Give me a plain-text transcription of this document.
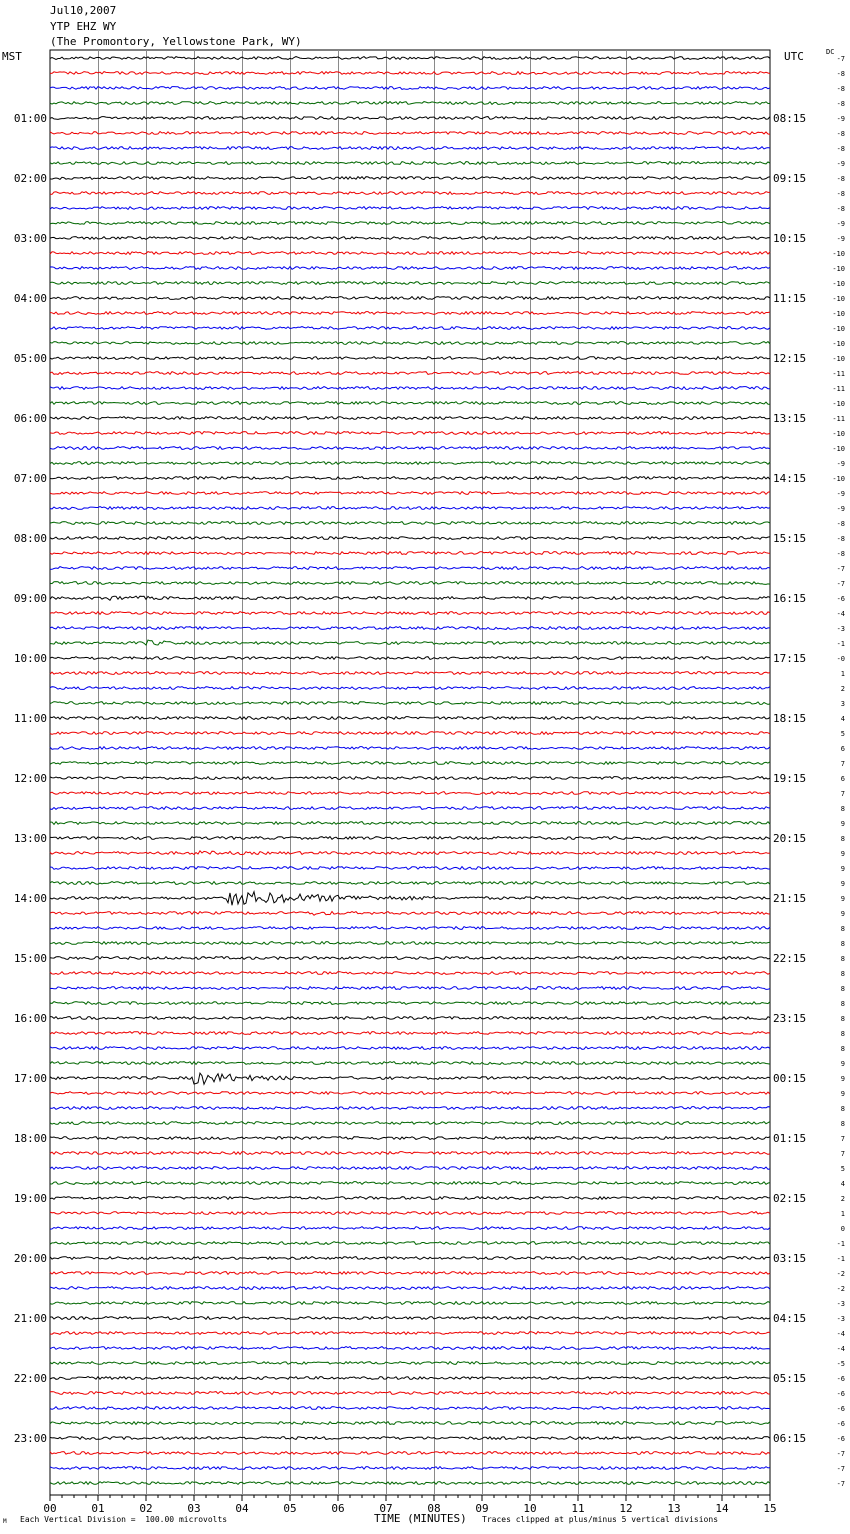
Jul10,2007
YTP EHZ WY
(The Promontory, Yellowstone Park, WY)
MST	UTC	DC
00	01	02	03	04	05	06	07	08	09	10	11	12	13	14	15
-7
-8
-8
-8
-9
-8
-8
-9
-8
-8
-8
-9
-9
-10
-10
-10
-10
-10
-10
-10
-10
-11
-11
-10
-11
-10
-10
-9
-10
-9
-9
-8
-8
-8
-7
-7
-6
-4
-3
-1
-0
1
2
3
4
5
6
7
6
7
8
9
8
9
9
9
9
9
8
8
8
8
8
8
8
8
8
9
9
9
8
8
7
7
5
4
2
1
0
-1
-1
-2
-2
-3
-3
-4
-4
-5
-6
-6
-6
-6
-6
-7
-7
-7
01:00
02:00
03:00
04:00
05:00
06:00
07:00
08:00
09:00
10:00
11:00
12:00
13:00
14:00
15:00
16:00
17:00
18:00
19:00
20:00
21:00
22:00
23:00
08:15
09:15
10:15
11:15
12:15
13:15
14:15
15:15
16:15
17:15
18:15
19:15
20:15
21:15
22:15
23:15
00:15
01:15
02:15
03:15
04:15
05:15
06:15
TIME (MINUTES)
M Each Vertical Division =  100.00 microvolts	Traces clipped at plus/minus 5 vertical divisions
